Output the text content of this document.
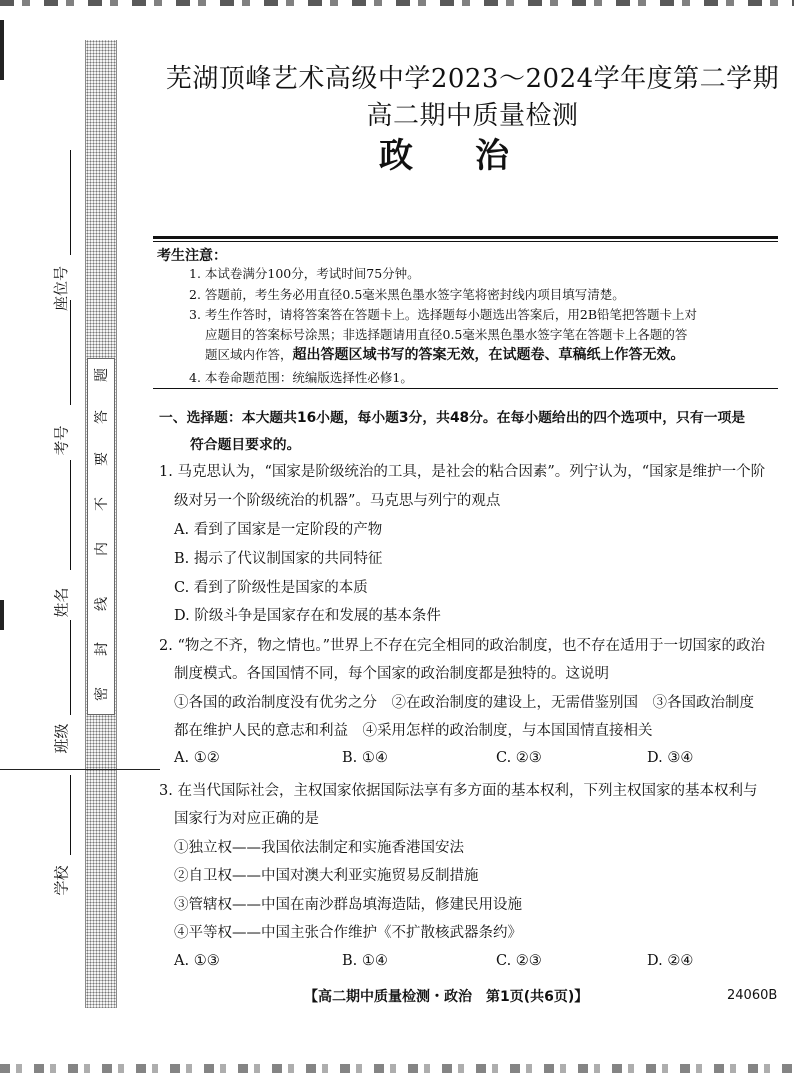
密
封
线
内
不
要
答
题
座位号
考号
姓名
班级
学校
芜湖顶峰艺术高级中学2023～2024学年度第二学期高二期中质量检测
政治
考生注意：
1. 本试卷满分100分，考试时间75分钟。
2. 答题前，考生务必用直径0.5毫米黑色墨水签字笔将密封线内项目填写清楚。
3. 考生作答时，请将答案答在答题卡上。选择题每小题选出答案后，用2B铅笔把答题卡上对
应题目的答案标号涂黑；非选择题请用直径0.5毫米黑色墨水签字笔在答题卡上各题的答
题区域内作答，超出答题区域书写的答案无效，在试题卷、草稿纸上作答无效。
4. 本卷命题范围：统编版选择性必修1。
一、选择题：本大题共16小题，每小题3分，共48分。在每小题给出的四个选项中，只有一项是
符合题目要求的。
1. 马克思认为，“国家是阶级统治的工具，是社会的粘合因素”。列宁认为，“国家是维护一个阶
级对另一个阶级统治的机器”。马克思与列宁的观点
A. 看到了国家是一定阶段的产物
B. 揭示了代议制国家的共同特征
C. 看到了阶级性是国家的本质
D. 阶级斗争是国家存在和发展的基本条件
2. “物之不齐，物之情也。”世界上不存在完全相同的政治制度，也不存在适用于一切国家的政治
制度模式。各国国情不同，每个国家的政治制度都是独特的。这说明
①各国的政治制度没有优劣之分　②在政治制度的建设上，无需借鉴别国　③各国政治制度
都在维护人民的意志和利益　④采用怎样的政治制度，与本国国情直接相关
A. ①②	B. ①④	C. ②③	D. ③④
3. 在当代国际社会，主权国家依据国际法享有多方面的基本权利，下列主权国家的基本权利与
国家行为对应正确的是
①独立权——我国依法制定和实施香港国安法
②自卫权——中国对澳大利亚实施贸易反制措施
③管辖权——中国在南沙群岛填海造陆，修建民用设施
④平等权——中国主张合作维护《不扩散核武器条约》
A. ①③	B. ①④	C. ②③	D. ②④
【高二期中质量检测・政治　第1页(共6页)】	24060B
